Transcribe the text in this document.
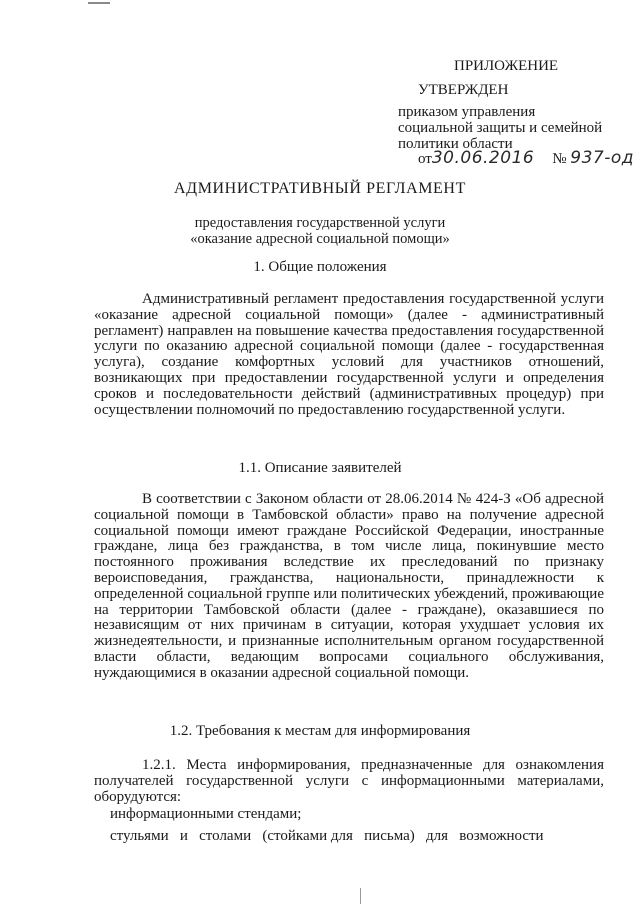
ПРИЛОЖЕНИЕ
УТВЕРЖДЕН
приказом управления
социальной защиты и семейной
политики области
от30.06.2016 № 937-од
АДМИНИСТРАТИВНЫЙ РЕГЛАМЕНТ
предоставления государственной услуги
«оказание адресной социальной помощи»
1. Общие положения
Административный регламент предоставления государственной услуги «оказание адресной социальной помощи» (далее - административный регламент) направлен на повышение качества предоставления государственной услуги по оказанию адресной социальной помощи (далее - государственная услуга), создание комфортных условий для участников отношений, возникающих при предоставлении государственной услуги и определения сроков и последовательности действий (административных процедур) при осуществлении полномочий по предоставлению государственной услуги.
1.1. Описание заявителей
В соответствии с Законом области от 28.06.2014 № 424-З «Об адресной социальной помощи в Тамбовской области» право на получение адресной социальной помощи имеют граждане Российской Федерации, иностранные граждане, лица без гражданства, в том числе лица, покинувшие место постоянного проживания вследствие их преследований по признаку вероисповедания, гражданства, национальности, принадлежности к определенной социальной группе или политических убеждений, проживающие на территории Тамбовской области (далее - граждане), оказавшиеся по независящим от них причинам в ситуации, которая ухудшает условия их жизнедеятельности, и признанные исполнительным органом государственной власти области, ведающим вопросами социального обслуживания, нуждающимися в оказании адресной социальной помощи.
1.2. Требования к местам для информирования
1.2.1. Места информирования, предназначенные для ознакомления получателей государственной услуги с информационными материалами, оборудуются:
информационными стендами;
стульями   и   столами   (стойками для   письма)   для   возможности
